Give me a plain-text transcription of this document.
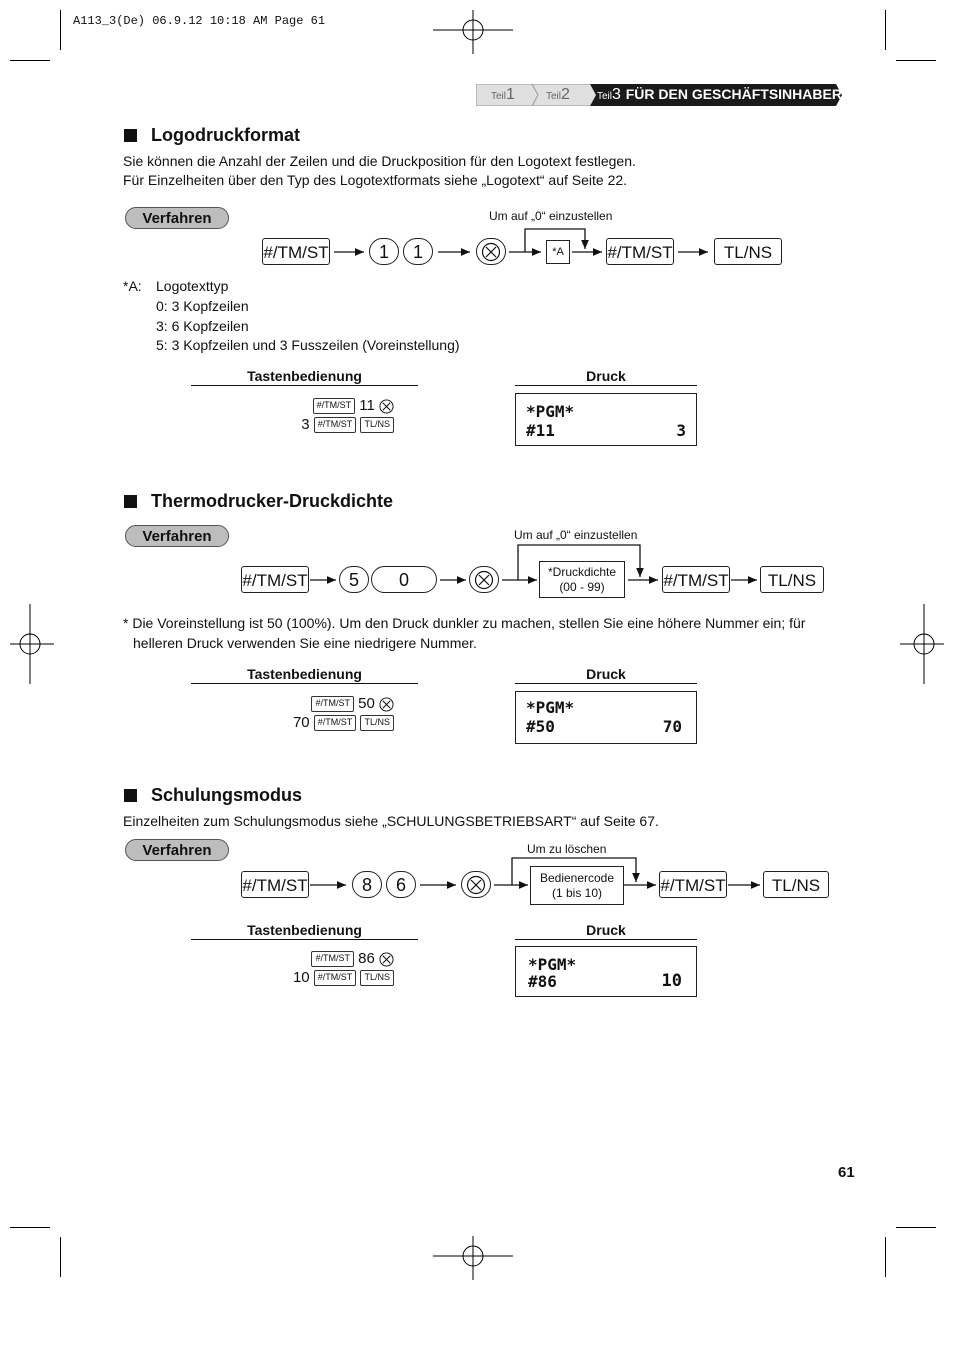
A113_3(De) 06.9.12 10:18 AM Page 61
Teil1	Teil2	Teil3 FÜR DEN GESCHÄFTSINHABER
Logodruckformat
Sie können die Anzahl der Zeilen und die Druckposition für den Logotext festlegen.
Für Einzelheiten über den Typ des Logotextformats siehe „Logotext“ auf Seite 22.
Verfahren	Um auf „0“ einzustellen
#/TM/ST	1	1	*A	#/TM/ST	TL/NS
*A: Logotexttyp
0: 3 Kopfzeilen
3: 6 Kopfzeilen
5: 3 Kopfzeilen und 3 Fusszeilen (Voreinstellung)
Tastenbedienung	Druck
#/TM/ST 11
3 #/TM/ST TL/NS
*PGM*
#11	3
Thermodrucker-Druckdichte
Verfahren	Um auf „0“ einzustellen
#/TM/ST	5	0	*Druckdichte
(00 - 99)	#/TM/ST	TL/NS
* Die Voreinstellung ist 50 (100%). Um den Druck dunkler zu machen, stellen Sie eine höhere Nummer ein; für
helleren Druck verwenden Sie eine niedrigere Nummer.
Tastenbedienung	Druck
#/TM/ST 50
70 #/TM/ST TL/NS
*PGM*
#50	70
Schulungsmodus
Einzelheiten zum Schulungsmodus siehe „SCHULUNGSBETRIEBSART“ auf Seite 67.
Verfahren	Um zu löschen
#/TM/ST	8	6	Bedienercode
(1 bis 10)	#/TM/ST	TL/NS
Tastenbedienung	Druck
#/TM/ST 86
10 #/TM/ST TL/NS
*PGM*
#86	10
61
